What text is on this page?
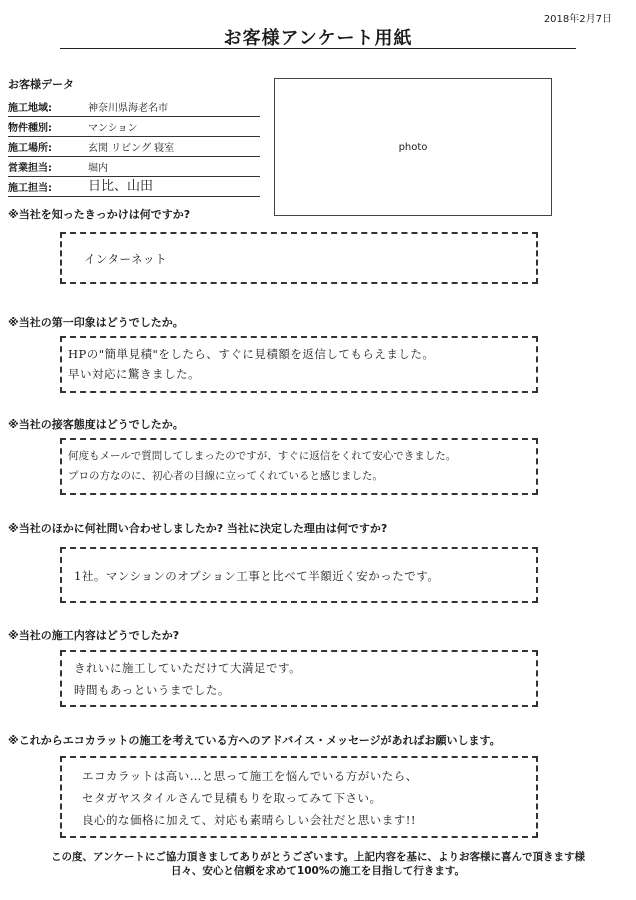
2018年2月7日
お客様アンケート用紙
お客様データ
施工地域:	神奈川県海老名市
物件種別:	マンション
施工場所:	玄関 リビング 寝室
営業担当:	堀内
施工担当:	日比、山田
photo
※当社を知ったきっかけは何ですか?
インターネット
※当社の第一印象はどうでしたか。
HPの"簡単見積"をしたら、すぐに見積額を返信してもらえました。
早い対応に驚きました。
※当社の接客態度はどうでしたか。
何度もメールで質問してしまったのですが、すぐに返信をくれて安心できました。
プロの方なのに、初心者の目線に立ってくれていると感じました。
※当社のほかに何社問い合わせしましたか? 当社に決定した理由は何ですか?
1社。マンションのオプション工事と比べて半額近く安かったです。
※当社の施工内容はどうでしたか?
きれいに施工していただけて大満足です。
時間もあっというまでした。
※これからエコカラットの施工を考えている方へのアドバイス・メッセージがあればお願いします。
エコカラットは高い…と思って施工を悩んでいる方がいたら、
セタガヤスタイルさんで見積もりを取ってみて下さい。
良心的な価格に加えて、対応も素晴らしい会社だと思います!!
この度、アンケートにご協力頂きましてありがとうございます。上記内容を基に、よりお客様に喜んで頂きます様
日々、安心と信頼を求めて100%の施工を目指して行きます。
